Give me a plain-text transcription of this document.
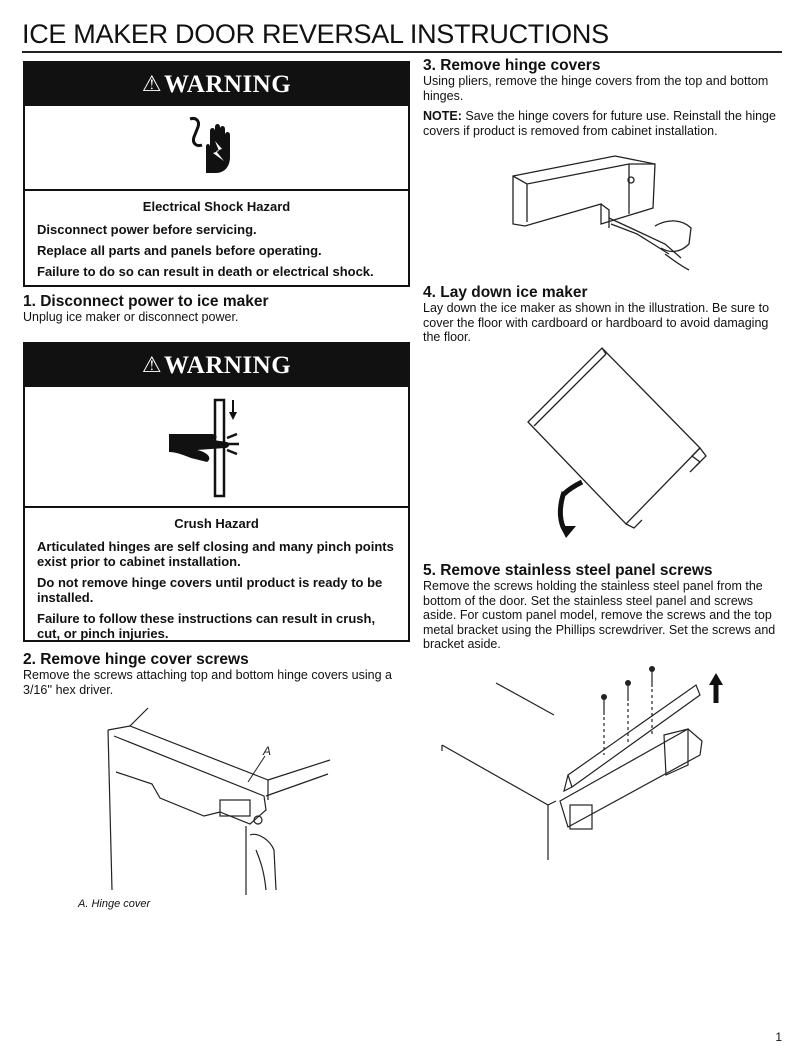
ICE MAKER DOOR REVERSAL INSTRUCTIONS
⚠ WARNING
Electrical Shock Hazard

Disconnect power before servicing.

Replace all parts and panels before operating.

Failure to do so can result in death or electrical shock.

1. Disconnect power to ice maker

Unplug ice maker or disconnect power.

⚠ WARNING
Crush Hazard

Articulated hinges are self closing and many pinch points exist prior to cabinet installation.

Do not remove hinge covers until product is ready to be installed.

Failure to follow these instructions can result in crush, cut, or pinch injuries.

2. Remove hinge cover screws

Remove the screws attaching top and bottom hinge covers using a 3/16'' hex driver.

A
A. Hinge cover
3. Remove hinge covers

Using pliers, remove the hinge covers from the top and bottom hinges.

NOTE: Save the hinge covers for future use. Reinstall the hinge covers if product is removed from cabinet installation.

4. Lay down ice maker

Lay down the ice maker as shown in the illustration. Be sure to cover the floor with cardboard or hardboard to avoid damaging the floor.

5. Remove stainless steel panel screws

Remove the screws holding the stainless steel panel from the bottom of the door. Set the stainless steel panel and screws aside. For custom panel model, remove the screws and the top metal bracket using the Phillips screwdriver. Set the screws and bracket aside.

1
